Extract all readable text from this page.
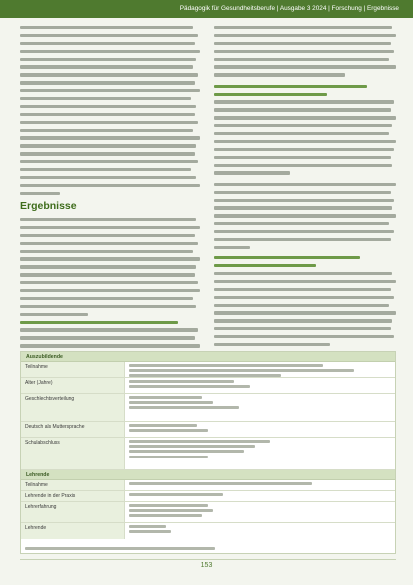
Pädagogik für Gesundheitsberufe | Ausgabe 3 2024 | Forschung | Ergebnisse
Ergebnisse
Auszubildende
Teilnahme
Alter (Jahre)
Geschlechtsverteilung
Deutsch als Muttersprache
Schulabschluss
Lehrende
Teilnahme
Lehrende in der Praxis
Lehrerfahrung
Lehrende
153
